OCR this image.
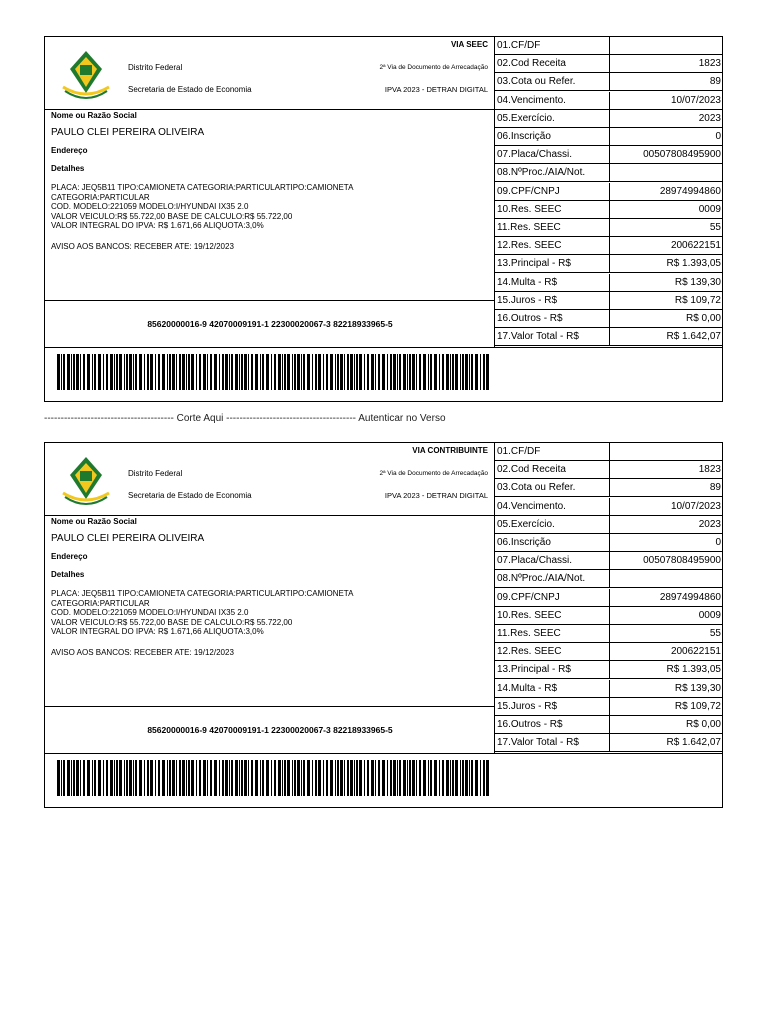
VIA SEEC
Distrito Federal	2ª Via de Documento de Arrecadação
Secretaria de Estado de Economia	IPVA 2023 - DETRAN DIGITAL
Nome ou Razão Social
PAULO CLEI PEREIRA OLIVEIRA
Endereço
Detalhes
PLACA: JEQ5B11 TIPO:CAMIONETA CATEGORIA:PARTICULARTIPO:CAMIONETA
CATEGORIA:PARTICULAR
COD. MODELO:221059 MODELO:I/HYUNDAI IX35 2.0
VALOR VEICULO:R$ 55.722,00 BASE DE CALCULO:R$ 55.722,00
VALOR INTEGRAL DO IPVA: R$ 1.671,66 ALIQUOTA:3,0%
AVISO AOS BANCOS: RECEBER ATE: 19/12/2023
85620000016-9 42070009191-1 22300020067-3 82218933965-5
01.CF/DF
02.Cod Receita	1823
03.Cota ou Refer.	89
04.Vencimento.	10/07/2023
05.Exercício.	2023
06.Inscrição	0
07.Placa/Chassi.	00507808495900
08.NºProc./AIA/Not.
09.CPF/CNPJ	28974994860
10.Res. SEEC	0009
11.Res. SEEC	55
12.Res. SEEC	200622151
13.Principal - R$	R$ 1.393,05
14.Multa - R$	R$ 139,30
15.Juros - R$	R$ 109,72
16.Outros - R$	R$ 0,00
17.Valor Total - R$	R$ 1.642,07
--------------------------------------- Corte Aqui --------------------------------------- Autenticar no Verso
VIA CONTRIBUINTE
Distrito Federal	2ª Via de Documento de Arrecadação
Secretaria de Estado de Economia	IPVA 2023 - DETRAN DIGITAL
Nome ou Razão Social
PAULO CLEI PEREIRA OLIVEIRA
Endereço
Detalhes
PLACA: JEQ5B11 TIPO:CAMIONETA CATEGORIA:PARTICULARTIPO:CAMIONETA
CATEGORIA:PARTICULAR
COD. MODELO:221059 MODELO:I/HYUNDAI IX35 2.0
VALOR VEICULO:R$ 55.722,00 BASE DE CALCULO:R$ 55.722,00
VALOR INTEGRAL DO IPVA: R$ 1.671,66 ALIQUOTA:3,0%
AVISO AOS BANCOS: RECEBER ATE: 19/12/2023
85620000016-9 42070009191-1 22300020067-3 82218933965-5
01.CF/DF
02.Cod Receita	1823
03.Cota ou Refer.	89
04.Vencimento.	10/07/2023
05.Exercício.	2023
06.Inscrição	0
07.Placa/Chassi.	00507808495900
08.NºProc./AIA/Not.
09.CPF/CNPJ	28974994860
10.Res. SEEC	0009
11.Res. SEEC	55
12.Res. SEEC	200622151
13.Principal - R$	R$ 1.393,05
14.Multa - R$	R$ 139,30
15.Juros - R$	R$ 109,72
16.Outros - R$	R$ 0,00
17.Valor Total - R$	R$ 1.642,07
